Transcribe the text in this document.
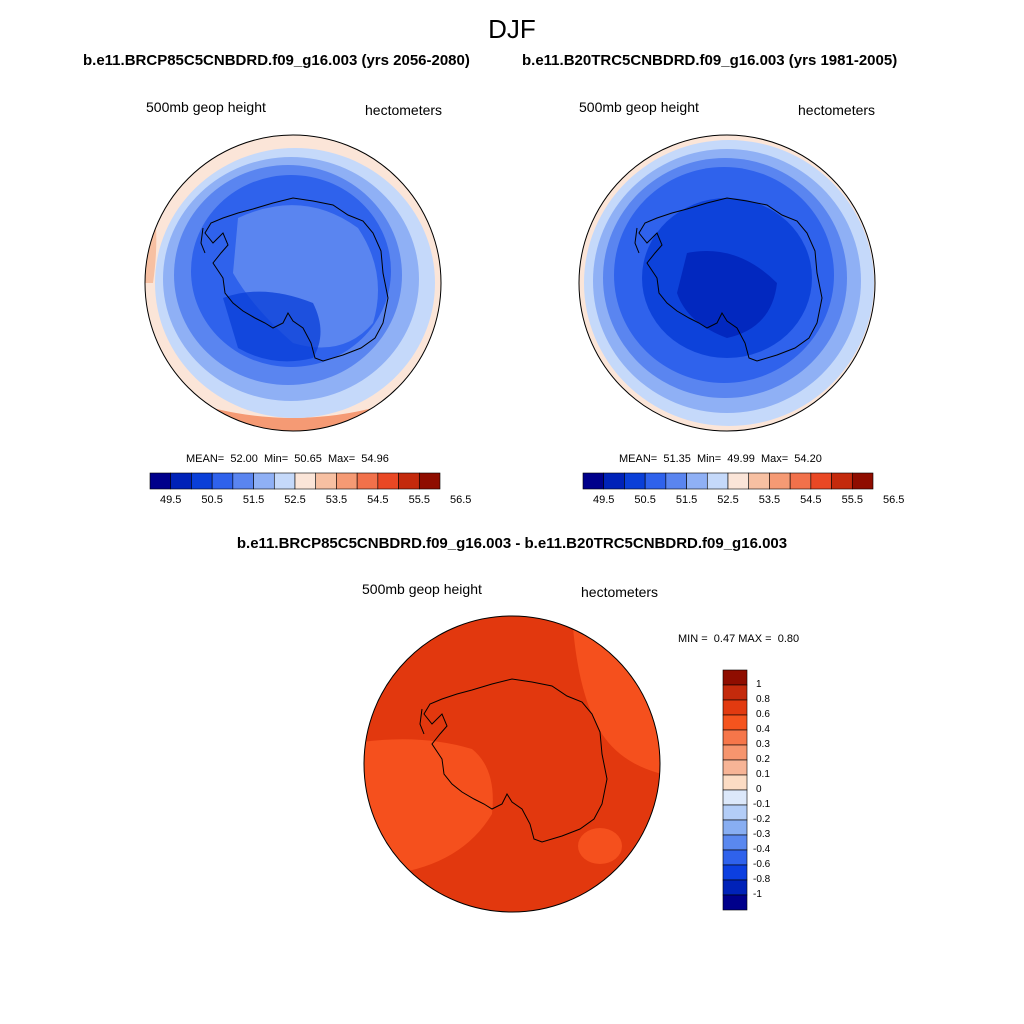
DJF
b.e11.BRCP85C5CNBDRD.f09_g16.003 (yrs 2056-2080)	b.e11.B20TRC5CNBDRD.f09_g16.003 (yrs 1981-2005)
500mb geop height	hectometers	500mb geop height	hectometers
MEAN= 52.00 Min= 50.65 Max= 54.96	MEAN= 51.35 Min= 49.99 Max= 54.20
49.5 50.5 51.5 52.5 53.5 54.5 55.5 56.5	49.5 50.5 51.5 52.5 53.5 54.5 55.5 56.5
b.e11.BRCP85C5CNBDRD.f09_g16.003 - b.e11.B20TRC5CNBDRD.f09_g16.003
500mb geop height	hectometers
MIN = 0.47 MAX = 0.80
1
0.8
0.6
0.4
0.3
0.2
0.1
0
-0.1
-0.2
-0.3
-0.4
-0.6
-0.8
-1
